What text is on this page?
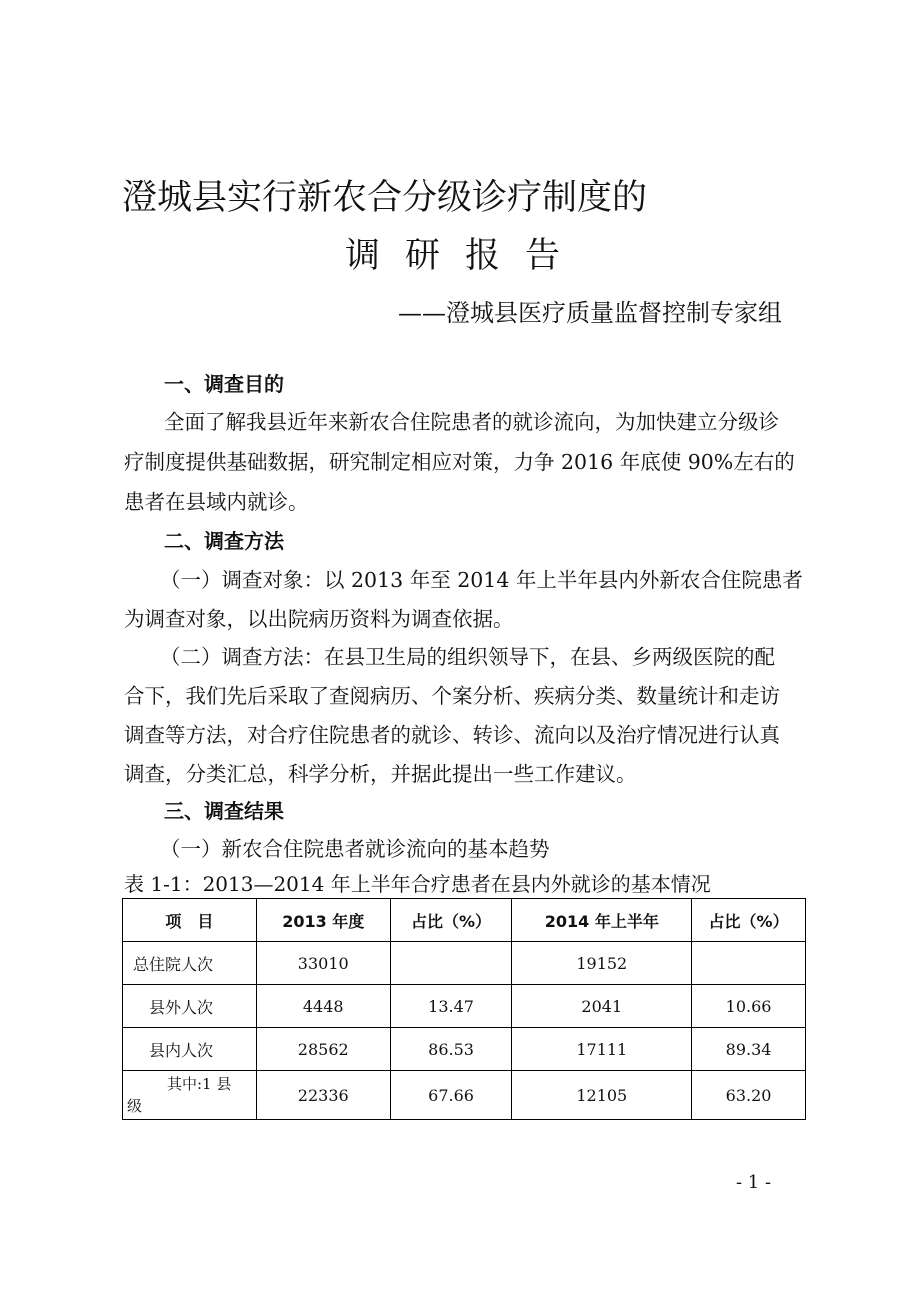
澄城县实行新农合分级诊疗制度的
调研报告
——澄城县医疗质量监督控制专家组
一、调查目的
全面了解我县近年来新农合住院患者的就诊流向，为加快建立分级诊
疗制度提供基础数据，研究制定相应对策，力争 2016 年底使 90%左右的
患者在县域内就诊。
二、调查方法
（一）调查对象：以 2013 年至 2014 年上半年县内外新农合住院患者
为调查对象，以出院病历资料为调查依据。
（二）调查方法：在县卫生局的组织领导下，在县、乡两级医院的配
合下，我们先后采取了查阅病历、个案分析、疾病分类、数量统计和走访
调查等方法，对合疗住院患者的就诊、转诊、流向以及治疗情况进行认真
调查，分类汇总，科学分析，并据此提出一些工作建议。
三、调查结果
（一）新农合住院患者就诊流向的基本趋势
表 1-1：2013—2014 年上半年合疗患者在县内外就诊的基本情况
项　目	2013 年度	占比（%）	2014 年上半年	占比（%）
总住院人次	33010		19152	
县外人次	4448	13.47	2041	10.66
县内人次	28562	86.53	17111	89.34

其中:1 县
级	22336	67.66	12105	63.20
- 1 -
